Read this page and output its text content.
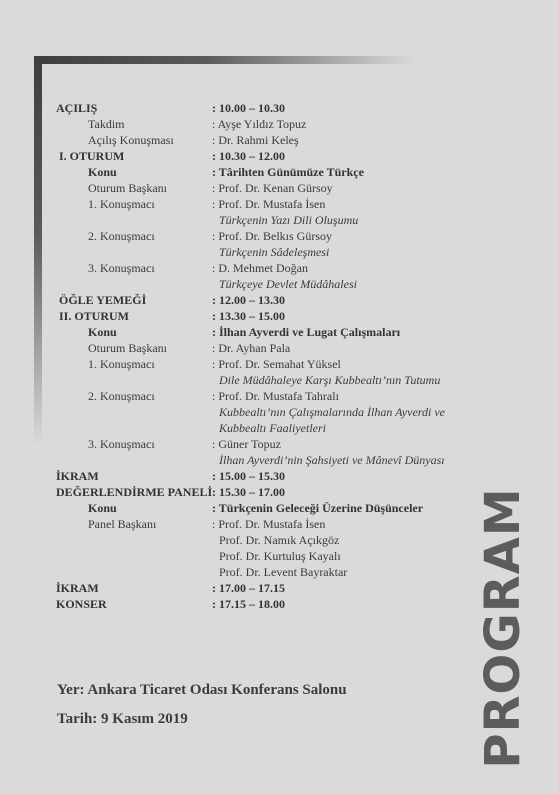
AÇILIŞ	: 10.00 – 10.30
Takdim	: Ayşe Yıldız Topuz
Açılış Konuşması	: Dr. Rahmi Keleş
I. OTURUM	: 10.30 – 12.00
Konu	: Târihten Günümüze Türkçe
Oturum Başkanı	: Prof. Dr. Kenan Gürsoy
1. Konuşmacı	: Prof. Dr. Mustafa İsen
Türkçenin Yazı Dili Oluşumu
2. Konuşmacı	: Prof. Dr. Belkıs Gürsoy
Türkçenin Sâdeleşmesi
3. Konuşmacı	: D. Mehmet Doğan
Türkçeye Devlet Müdâhalesi
ÖĞLE YEMEĞİ	: 12.00 – 13.30
II. OTURUM	: 13.30 – 15.00
Konu	: İlhan Ayverdi ve Lugat Çalışmaları
Oturum Başkanı	: Dr. Ayhan Pala
1. Konuşmacı	: Prof. Dr. Semahat Yüksel
Dile Müdâhaleye Karşı Kubbealtı’nın Tutumu
2. Konuşmacı	: Prof. Dr. Mustafa Tahralı
Kubbealtı’nın Çalışmalarında İlhan Ayverdi ve
Kubbealtı Faaliyetleri
3. Konuşmacı	: Güner Topuz
İlhan Ayverdi’nin Şahsiyeti ve Mânevî Dünyası
İKRAM	: 15.00 – 15.30
DEĞERLENDİRME PANELİ : 15.30 – 17.00
Konu	: Türkçenin Geleceği Üzerine Düşünceler
Panel Başkanı	: Prof. Dr. Mustafa İsen
Prof. Dr. Namık Açıkgöz
Prof. Dr. Kurtuluş Kayalı
Prof. Dr. Levent Bayraktar
İKRAM	: 17.00 – 17.15
KONSER	: 17.15 – 18.00
Yer: Ankara Ticaret Odası Konferans Salonu
Tarih: 9 Kasım 2019	PROGRAM
